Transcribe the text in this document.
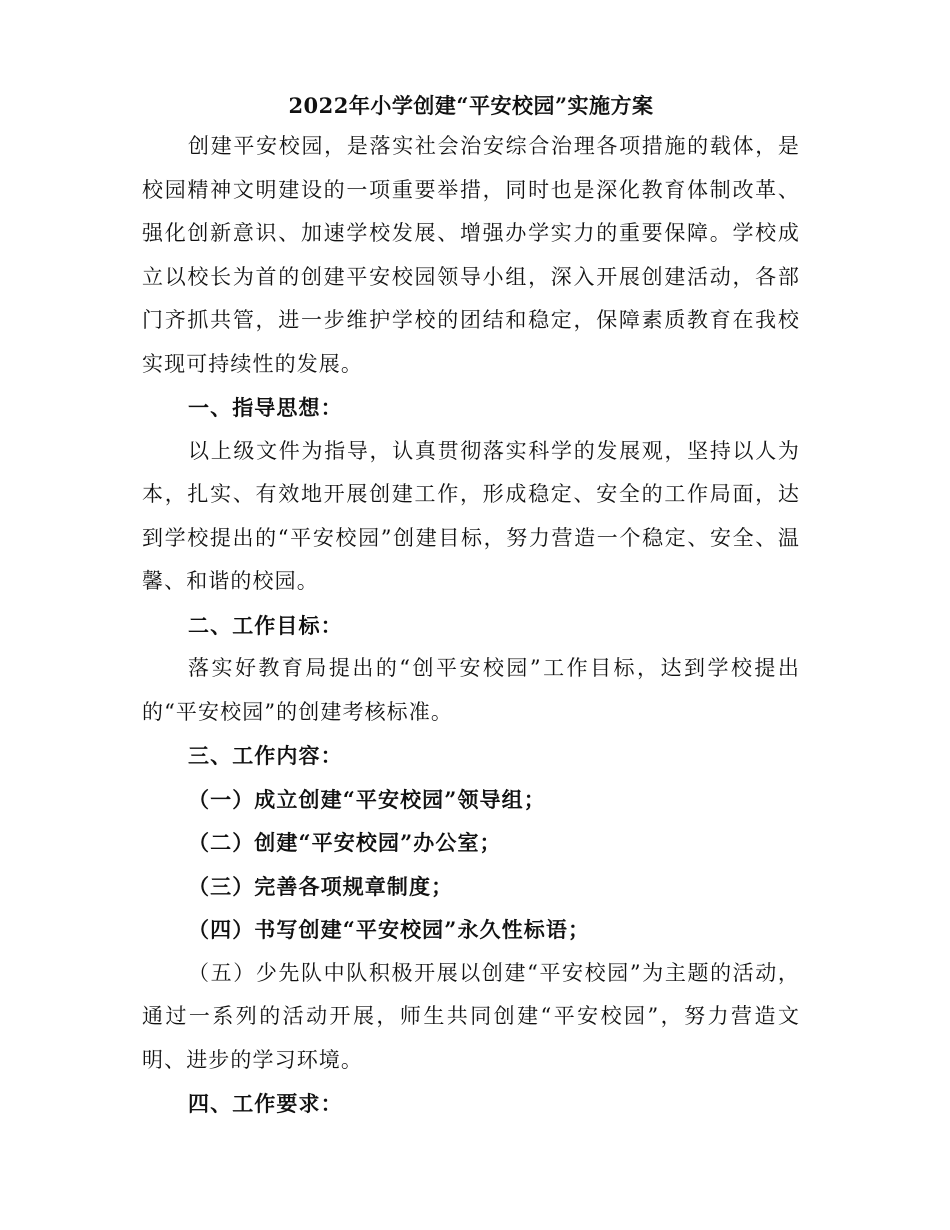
2022年小学创建“平安校园”实施方案

创建平安校园，是落实社会治安综合治理各项措施的载体，是校园精神文明建设的一项重要举措，同时也是深化教育体制改革、强化创新意识、加速学校发展、增强办学实力的重要保障。学校成立以校长为首的创建平安校园领导小组，深入开展创建活动，各部门齐抓共管，进一步维护学校的团结和稳定，保障素质教育在我校实现可持续性的发展。

一、指导思想：

以上级文件为指导，认真贯彻落实科学的发展观，坚持以人为本，扎实、有效地开展创建工作，形成稳定、安全的工作局面，达到学校提出的“平安校园”创建目标，努力营造一个稳定、安全、温馨、和谐的校园。

二、工作目标：

落实好教育局提出的“创平安校园”工作目标，达到学校提出的“平安校园”的创建考核标准。

三、工作内容：

（一）成立创建“平安校园”领导组；

（二）创建“平安校园”办公室；

（三）完善各项规章制度；

（四）书写创建“平安校园”永久性标语；

（五）少先队中队积极开展以创建“平安校园”为主题的活动，通过一系列的活动开展，师生共同创建“平安校园”，努力营造文明、进步的学习环境。

四、工作要求：
